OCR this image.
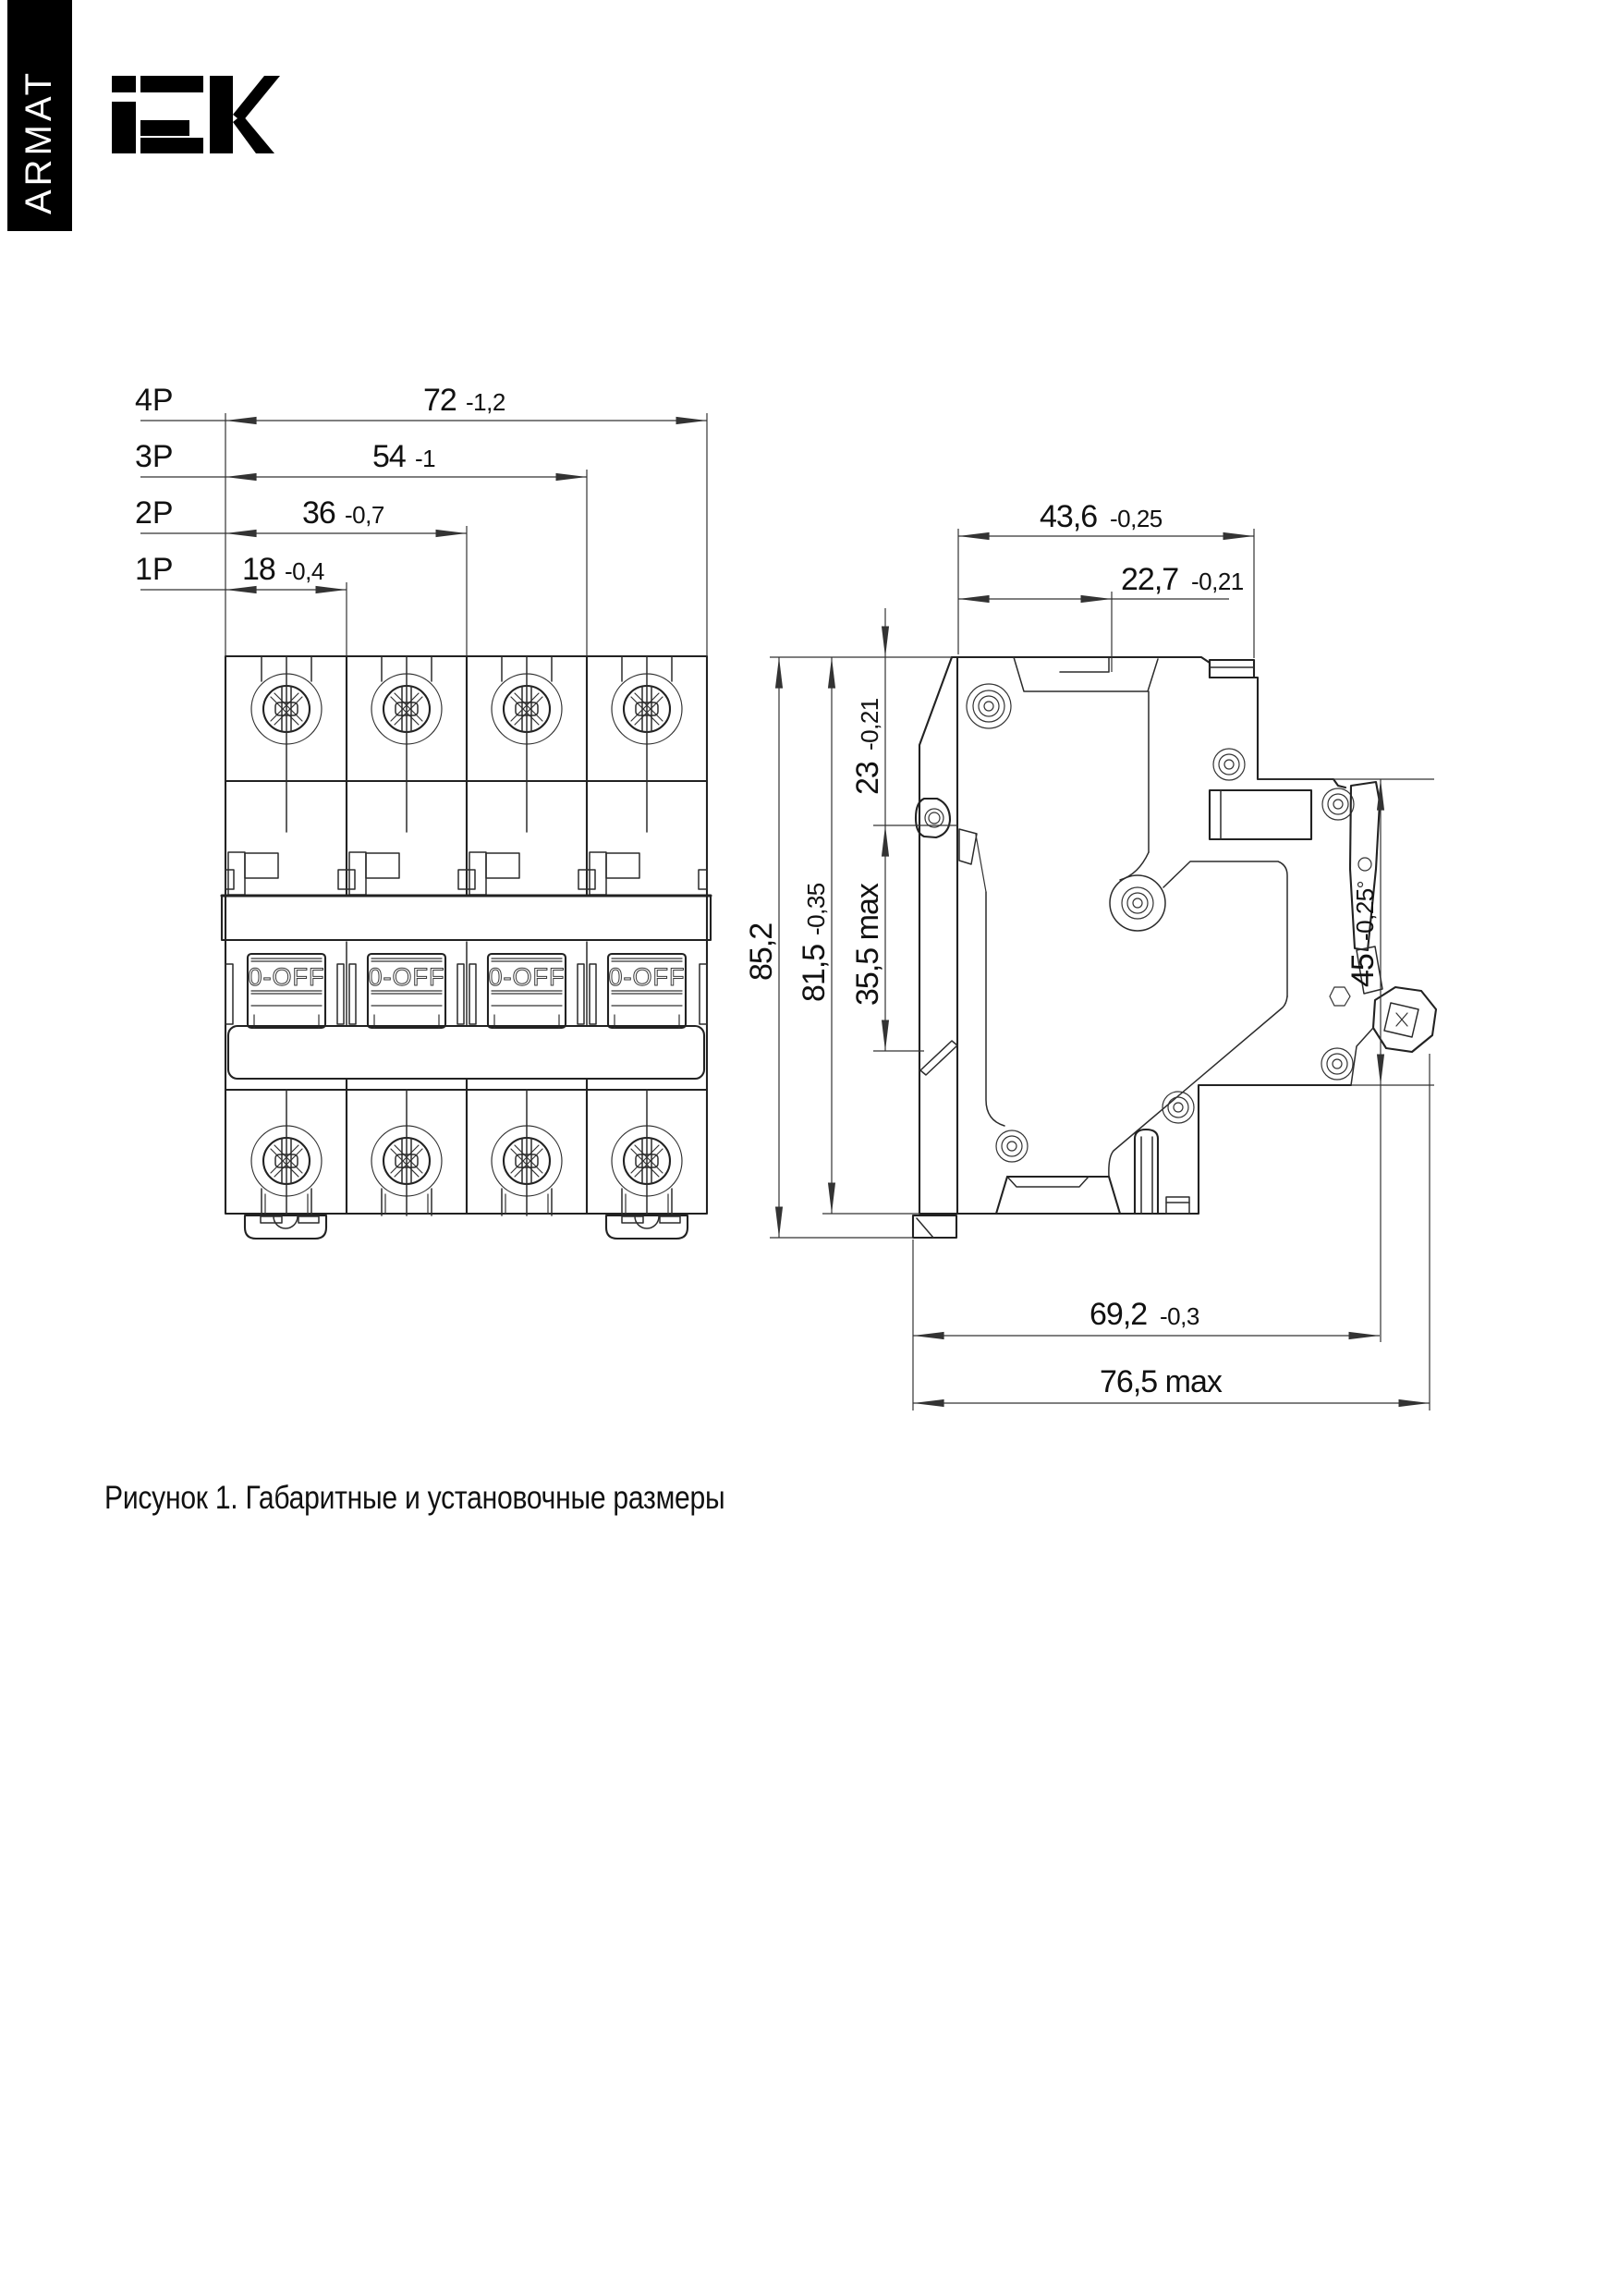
ARMAT
0-OFF 0-OFF 0-OFF 0-OFF
4P	72 -1,2
3P	54 -1
2P	36 -0,7
1P 18 -0,4
43,6 -0,25
22,7 -0,21
23
-0,21
35,5 max
85,2 81,5
-0,35
45
-0,25
69,2 -0,3
76,5 max
Рисунок 1. Габаритные и установочные размеры
